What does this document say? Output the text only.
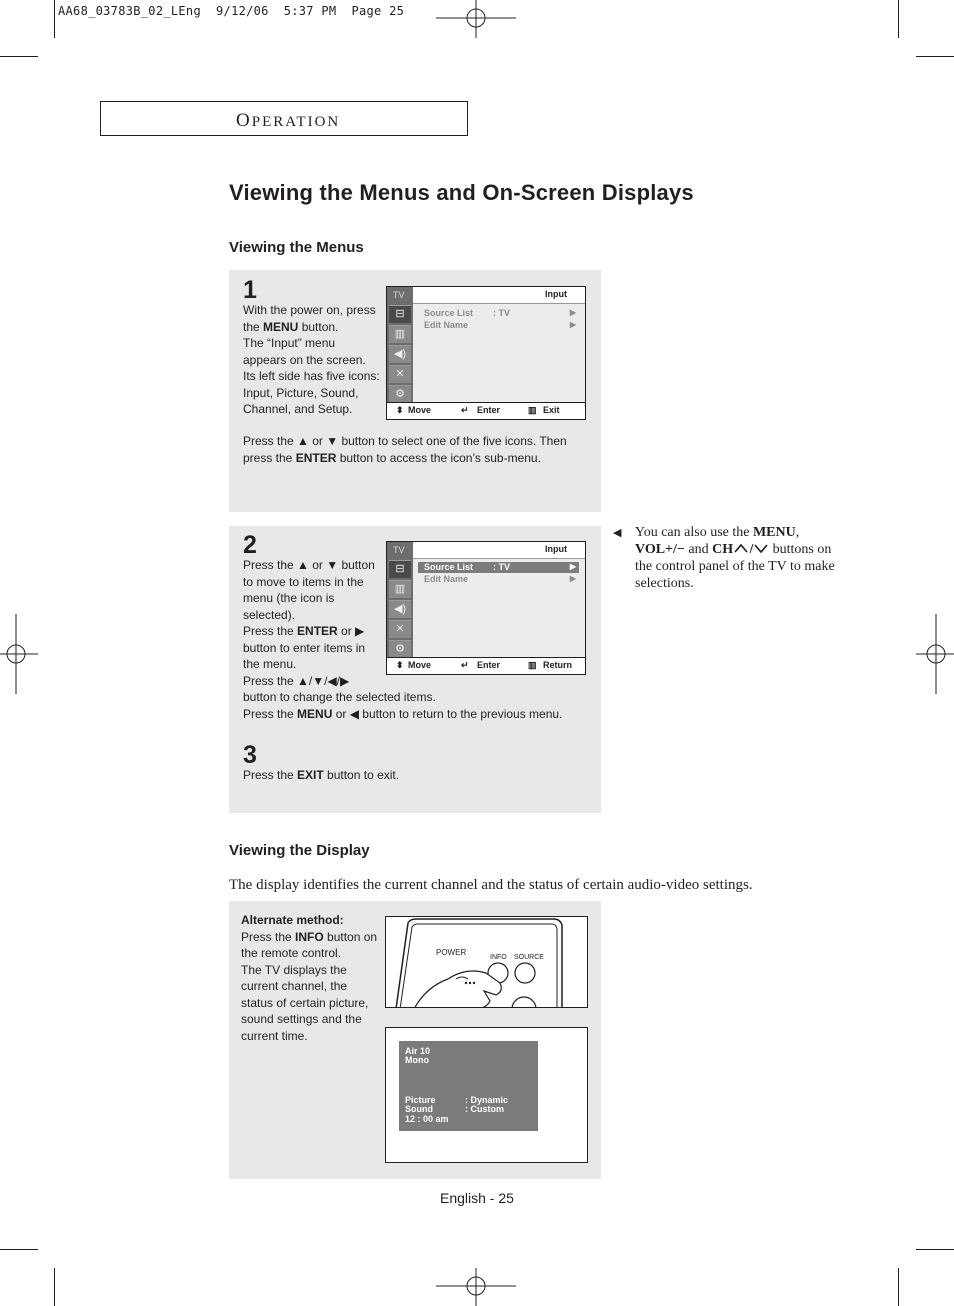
AA68_03783B_02_LEng  9/12/06  5:37 PM  Page 25
OPERATION
Viewing the Menus and On-Screen Displays
Viewing the Menus
1
With the power on, press
the MENU button.
The “Input” menu
appears on the screen.
Its left side has five icons:
Input, Picture, Sound,
Channel, and Setup.
Press the ▲ or ▼ button to select one of the five icons. Then
press the ENTER button to access the icon’s sub-menu.
TV
⊟
▥
◀)
✕
⚙
Input
Source List : TV	▶
Edit Name	▶
⬍ Move	↵ Enter	▥ Exit
2
Press the ▲ or ▼ button
to move to items in the
menu (the icon is
selected).
Press the ENTER or ▶
button to enter items in
the menu.
Press the ▲/▼/◀/▶
button to change the selected items.
Press the MENU or ◀ button to return to the previous menu.
TV
⊟
▥
◀)
✕
⚙
Input
Source List : TV	▶
Edit Name	▶
⬍ Move	↵ Enter	▥ Return
3
Press the EXIT button to exit.
◀ You can also use the MENU,
VOL+/− and CH	buttons on the control panel of the TV to make selections.
Viewing the Display
The display identifies the current channel and the status of certain audio-video settings.
Alternate method:
Press the INFO button on
the remote control.
The TV displays the
current channel, the
status of certain picture,
sound settings and the
current time.
POWER
INFO SOURCE
Air 10
Mono
Picture	: Dynamic
Sound	: Custom
12 : 00 am
English - 25
